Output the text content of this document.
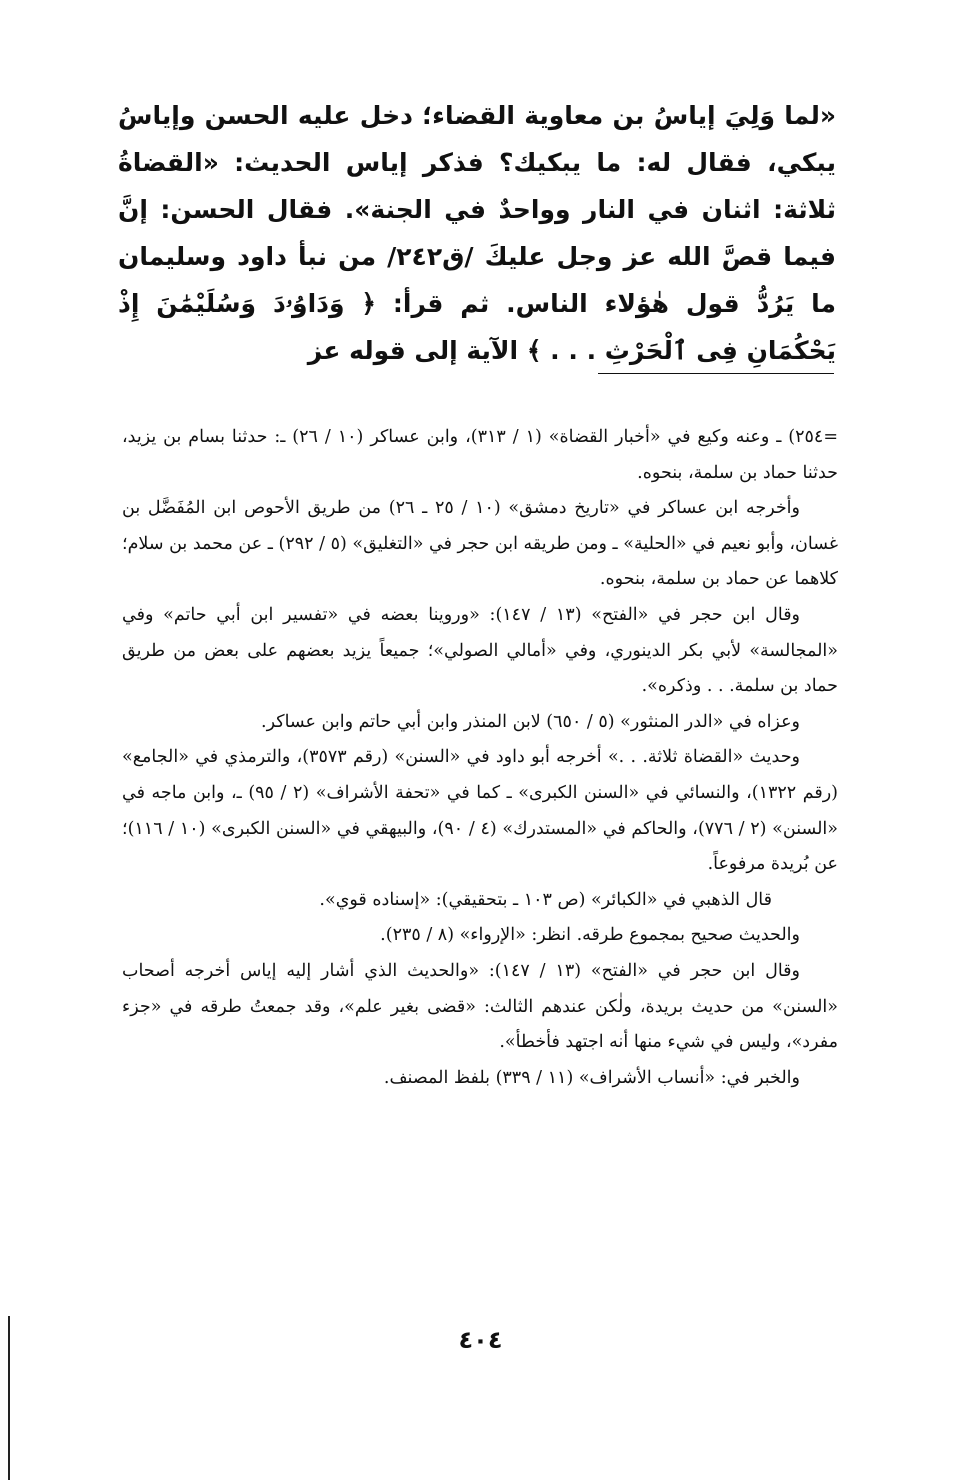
«لما وَلِيَ إياسُ بن معاوية القضاء؛ دخل عليه الحسن وإياسُ يبكي، فقال له: ما يبكيك؟ فذكر إياس الحديث: «القضاةُ ثلاثة: اثنان في النار وواحدٌ في الجنة». فقال الحسن: إنَّ فيما قصَّ الله عز وجل عليكَ /ق٢٤٢/ من نبأ داود وسليمان ما يَرُدُّ قول هٰؤلاء الناس. ثم قرأ: ﴿ وَدَاوُۥدَ وَسُلَيْمَٰنَ إِذْ يَحْكُمَانِ فِى ٱلْحَرْثِ . . . ﴾ الآية إلى قوله عز

=٢٥٤) ـ وعنه وكيع في «أخبار القضاة» (١ / ٣١٣)، وابن عساكر (١٠ / ٢٦) ـ: حدثنا بسام بن يزيد، حدثنا حماد بن سلمة، بنحوه.

وأخرجه ابن عساكر في «تاريخ دمشق» (١٠ / ٢٥ ـ ٢٦) من طريق الأحوص ابن المُفَضَّل بن غسان، وأبو نعيم في «الحلية» ـ ومن طريقه ابن حجر في «التغليق» (٥ / ٢٩٢) ـ عن محمد بن سلام؛ كلاهما عن حماد بن سلمة، بنحوه.

وقال ابن حجر في «الفتح» (١٣ / ١٤٧): «وروينا بعضه في «تفسير ابن أبي حاتم» وفي «المجالسة» لأبي بكر الدينوري، وفي «أمالي الصولي»؛ جميعاً يزيد بعضهم على بعض من طريق حماد بن سلمة. . . وذكره».

وعزاه في «الدر المنثور» (٥ / ٦٥٠) لابن المنذر وابن أبي حاتم وابن عساكر.

وحديث «القضاة ثلاثة. . .» أخرجه أبو داود في «السنن» (رقم ٣٥٧٣)، والترمذي في «الجامع» (رقم ١٣٢٢)، والنسائي في «السنن الكبرى» ـ كما في «تحفة الأشراف» (٢ / ٩٥) ـ، وابن ماجه في «السنن» (٢ / ٧٧٦)، والحاكم في «المستدرك» (٤ / ٩٠)، والبيهقي في «السنن الكبرى» (١٠ / ١١٦)؛ عن بُريدة مرفوعاً.

قال الذهبي في «الكبائر» (ص ١٠٣ ـ بتحقيقي): «إسناده قوي».

والحديث صحيح بمجموع طرقه. انظر: «الإرواء» (٨ / ٢٣٥).

وقال ابن حجر في «الفتح» (١٣ / ١٤٧): «والحديث الذي أشار إليه إياس أخرجه أصحاب «السنن» من حديث بريدة، ولٰكن عندهم الثالث: «قضى بغير علم»، وقد جمعتُ طرقه في «جزء مفرد»، وليس في شيء منها أنه اجتهد فأخطأ».

والخبر في: «أنساب الأشراف» (١١ / ٣٣٩) بلفظ المصنف.

٤٠٤
